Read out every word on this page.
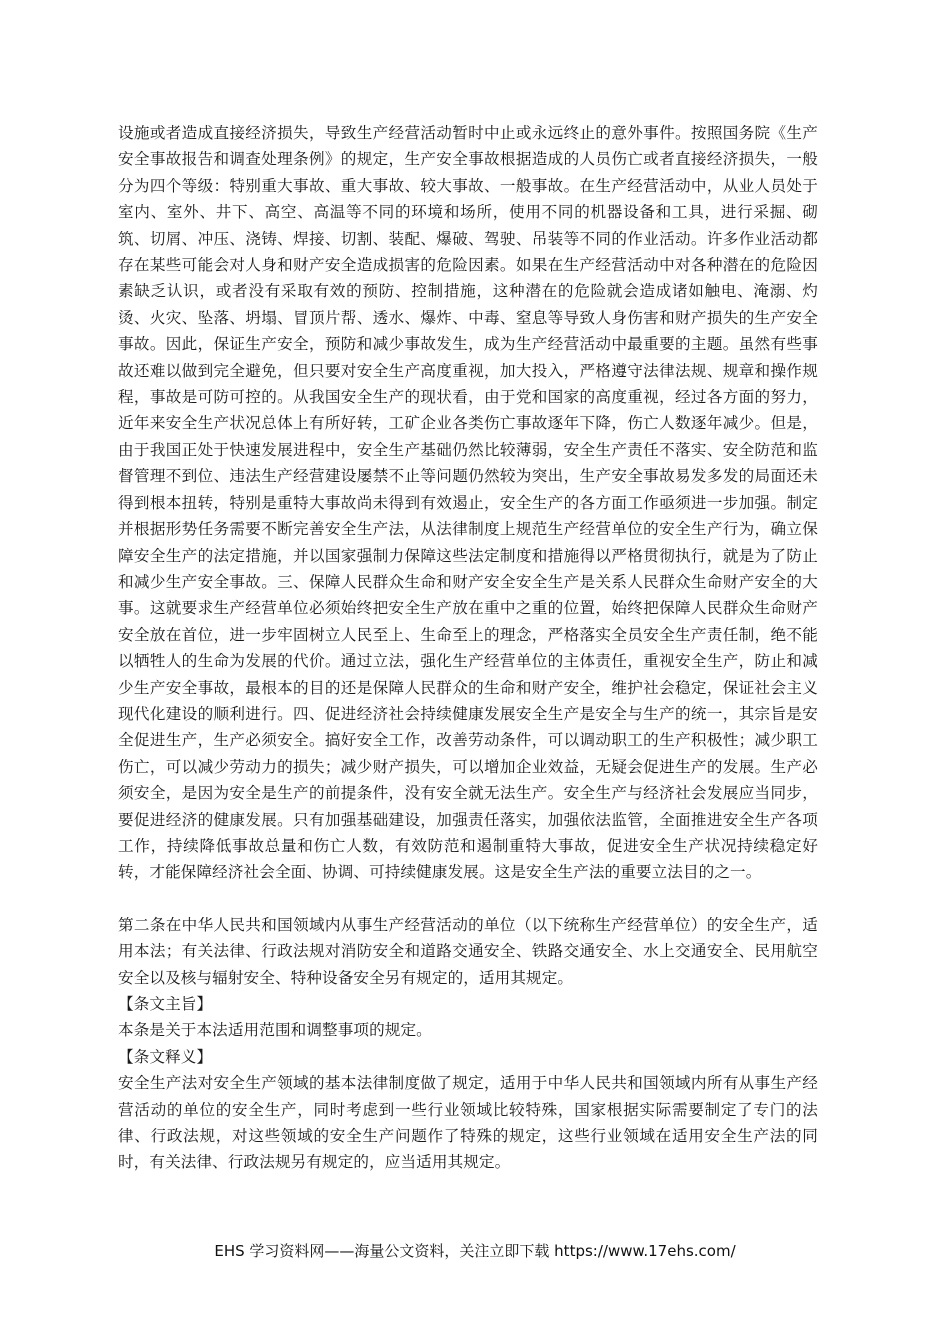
设施或者造成直接经济损失，导致生产经营活动暂时中止或永远终止的意外事件。按照国务院《生产安全事故报告和调查处理条例》的规定，生产安全事故根据造成的人员伤亡或者直接经济损失，一般分为四个等级：特别重大事故、重大事故、较大事故、一般事故。在生产经营活动中，从业人员处于室内、室外、井下、高空、高温等不同的环境和场所，使用不同的机器设备和工具，进行采掘、砌筑、切屑、冲压、浇铸、焊接、切割、装配、爆破、驾驶、吊装等不同的作业活动。许多作业活动都存在某些可能会对人身和财产安全造成损害的危险因素。如果在生产经营活动中对各种潜在的危险因素缺乏认识，或者没有采取有效的预防、控制措施，这种潜在的危险就会造成诸如触电、淹溺、灼烫、火灾、坠落、坍塌、冒顶片帮、透水、爆炸、中毒、窒息等导致人身伤害和财产损失的生产安全事故。因此，保证生产安全，预防和减少事故发生，成为生产经营活动中最重要的主题。虽然有些事故还难以做到完全避免，但只要对安全生产高度重视，加大投入，严格遵守法律法规、规章和操作规程，事故是可防可控的。从我国安全生产的现状看，由于党和国家的高度重视，经过各方面的努力，近年来安全生产状况总体上有所好转，工矿企业各类伤亡事故逐年下降，伤亡人数逐年减少。但是，由于我国正处于快速发展进程中，安全生产基础仍然比较薄弱，安全生产责任不落实、安全防范和监督管理不到位、违法生产经营建设屡禁不止等问题仍然较为突出，生产安全事故易发多发的局面还未得到根本扭转，特别是重特大事故尚未得到有效遏止，安全生产的各方面工作亟须进一步加强。制定并根据形势任务需要不断完善安全生产法，从法律制度上规范生产经营单位的安全生产行为，确立保障安全生产的法定措施，并以国家强制力保障这些法定制度和措施得以严格贯彻执行，就是为了防止和减少生产安全事故。三、保障人民群众生命和财产安全安全生产是关系人民群众生命财产安全的大事。这就要求生产经营单位必须始终把安全生产放在重中之重的位置，始终把保障人民群众生命财产安全放在首位，进一步牢固树立人民至上、生命至上的理念，严格落实全员安全生产责任制，绝不能以牺牲人的生命为发展的代价。通过立法，强化生产经营单位的主体责任，重视安全生产，防止和减少生产安全事故，最根本的目的还是保障人民群众的生命和财产安全，维护社会稳定，保证社会主义现代化建设的顺利进行。四、促进经济社会持续健康发展安全生产是安全与生产的统一，其宗旨是安全促进生产，生产必须安全。搞好安全工作，改善劳动条件，可以调动职工的生产积极性；减少职工伤亡，可以减少劳动力的损失；减少财产损失，可以增加企业效益，无疑会促进生产的发展。生产必须安全，是因为安全是生产的前提条件，没有安全就无法生产。安全生产与经济社会发展应当同步，要促进经济的健康发展。只有加强基础建设，加强责任落实，加强依法监管，全面推进安全生产各项工作，持续降低事故总量和伤亡人数，有效防范和遏制重特大事故，促进安全生产状况持续稳定好转，才能保障经济社会全面、协调、可持续健康发展。这是安全生产法的重要立法目的之一。

第二条在中华人民共和国领域内从事生产经营活动的单位（以下统称生产经营单位）的安全生产，适用本法；有关法律、行政法规对消防安全和道路交通安全、铁路交通安全、水上交通安全、民用航空安全以及核与辐射安全、特种设备安全另有规定的，适用其规定。

【条文主旨】

本条是关于本法适用范围和调整事项的规定。

【条文释义】

安全生产法对安全生产领域的基本法律制度做了规定，适用于中华人民共和国领域内所有从事生产经营活动的单位的安全生产，同时考虑到一些行业领域比较特殊，国家根据实际需要制定了专门的法律、行政法规，对这些领域的安全生产问题作了特殊的规定，这些行业领域在适用安全生产法的同时，有关法律、行政法规另有规定的，应当适用其规定。

EHS 学习资料网——海量公文资料，关注立即下载 https://www.17ehs.com/
